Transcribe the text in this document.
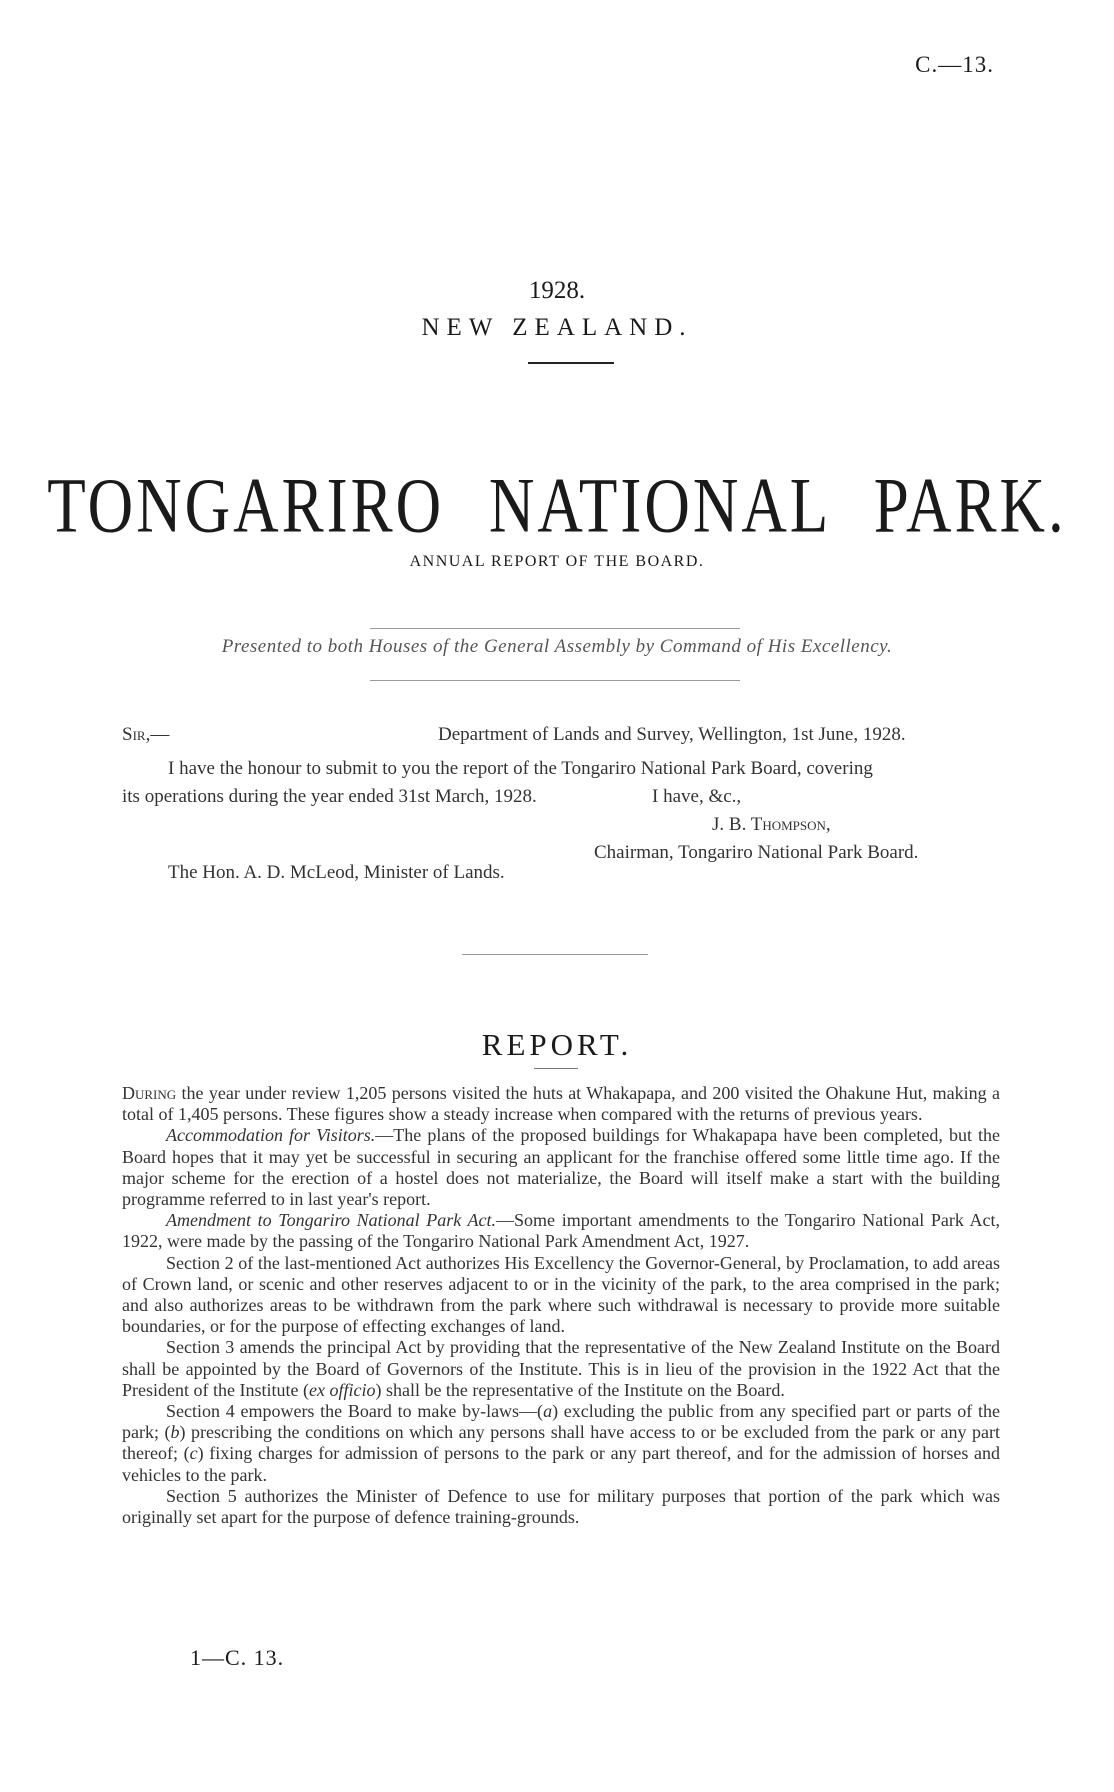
C.—13.
1928.
NEW ZEALAND.
TONGARIRO NATIONAL PARK.
ANNUAL REPORT OF THE BOARD.
Presented to both Houses of the General Assembly by Command of His Excellency.
Sir,—	Department of Lands and Survey, Wellington, 1st June, 1928.
I have the honour to submit to you the report of the Tongariro National Park Board, covering
its operations during the year ended 31st March, 1928.	I have, &c.,
J. B. Thompson,
Chairman, Tongariro National Park Board.
The Hon. A. D. McLeod, Minister of Lands.
REPORT.

During the year under review 1,205 persons visited the huts at Whakapapa, and 200 visited the Ohakune Hut, making a total of 1,405 persons. These figures show a steady increase when compared with the returns of previous years.

Accommodation for Visitors.—The plans of the proposed buildings for Whakapapa have been completed, but the Board hopes that it may yet be successful in securing an applicant for the franchise offered some little time ago. If the major scheme for the erection of a hostel does not materialize, the Board will itself make a start with the building programme referred to in last year's report.

Amendment to Tongariro National Park Act.—Some important amendments to the Tongariro National Park Act, 1922, were made by the passing of the Tongariro National Park Amendment Act, 1927.

Section 2 of the last-mentioned Act authorizes His Excellency the Governor-General, by Proclamation, to add areas of Crown land, or scenic and other reserves adjacent to or in the vicinity of the park, to the area comprised in the park; and also authorizes areas to be withdrawn from the park where such withdrawal is necessary to provide more suitable boundaries, or for the purpose of effecting exchanges of land.

Section 3 amends the principal Act by providing that the representative of the New Zealand Institute on the Board shall be appointed by the Board of Governors of the Institute. This is in lieu of the provision in the 1922 Act that the President of the Institute (ex officio) shall be the representative of the Institute on the Board.

Section 4 empowers the Board to make by-laws—(a) excluding the public from any specified part or parts of the park; (b) prescribing the conditions on which any persons shall have access to or be excluded from the park or any part thereof; (c) fixing charges for admission of persons to the park or any part thereof, and for the admission of horses and vehicles to the park.

Section 5 authorizes the Minister of Defence to use for military purposes that portion of the park which was originally set apart for the purpose of defence training-grounds.

1—C. 13.
